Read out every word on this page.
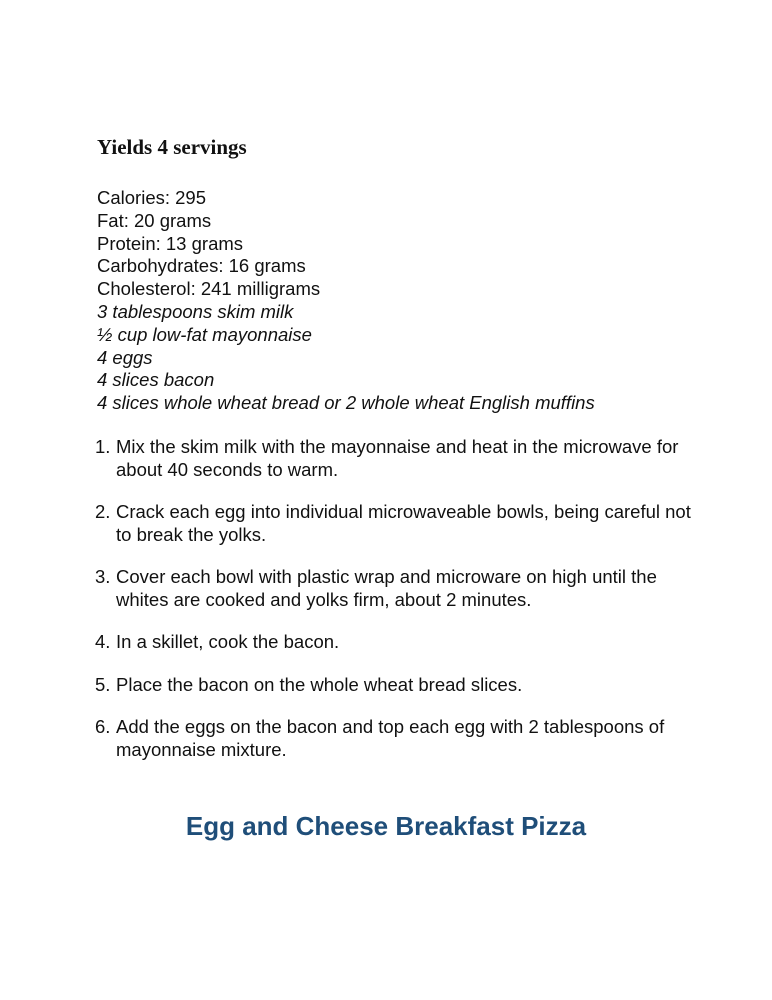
Yields 4 servings
Calories: 295
Fat: 20 grams
Protein: 13 grams
Carbohydrates: 16 grams
Cholesterol: 241 milligrams
3 tablespoons skim milk
½ cup low-fat mayonnaise
4 eggs
4 slices bacon
4 slices whole wheat bread or 2 whole wheat English muffins
1. Mix the skim milk with the mayonnaise and heat in the microwave for about 40 seconds to warm.
2. Crack each egg into individual microwaveable bowls, being careful not to break the yolks.
3. Cover each bowl with plastic wrap and microware on high until the whites are cooked and yolks firm, about 2 minutes.
4. In a skillet, cook the bacon.
5. Place the bacon on the whole wheat bread slices.
6. Add the eggs on the bacon and top each egg with 2 tablespoons of mayonnaise mixture.
Egg and Cheese Breakfast Pizza
